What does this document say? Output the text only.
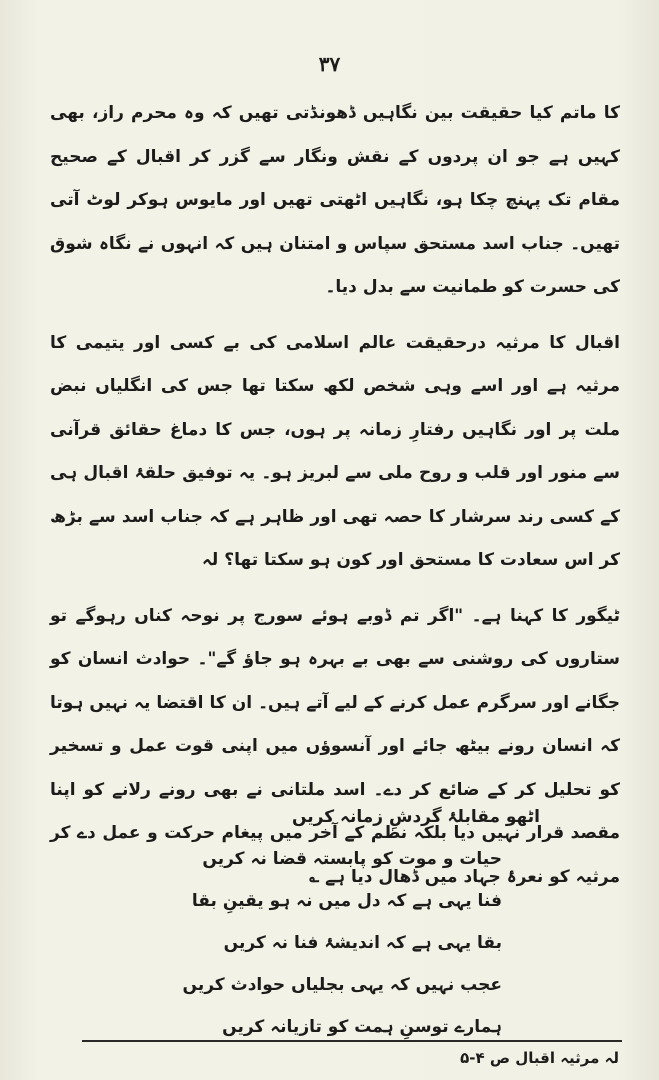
۳۷

کا ماتم کیا حقیقت بین نگاہیں ڈھونڈتی تھیں کہ وہ محرم راز، بھی کہیں ہے جو ان پردوں کے نقش ونگار سے گزر کر اقبال کے صحیح مقام تک پہنچ چکا ہو، نگاہیں اٹھتی تھیں اور مایوس ہوکر لوٹ آتی تھیں۔ جناب اسد مستحق سپاس و امتنان ہیں کہ انہوں نے نگاہ شوق کی حسرت کو طمانیت سے بدل دیا۔

اقبال کا مرثیہ درحقیقت عالم اسلامی کی بے کسی اور یتیمی کا مرثیہ ہے اور اسے وہی شخص لکھ سکتا تھا جس کی انگلیاں نبض ملت پر اور نگاہیں رفتارِ زمانہ پر ہوں، جس کا دماغ حقائق قرآنی سے منور اور قلب و روح ملی سے لبریز ہو۔ یہ توفیق حلقۂ اقبال ہی کے کسی رند سرشار کا حصہ تھی اور ظاہر ہے کہ جناب اسد سے بڑھ کر اس سعادت کا مستحق اور کون ہو سکتا تھا؟ لہ

ٹیگور کا کہنا ہے۔ "اگر تم ڈوبے ہوئے سورج پر نوحہ کناں رہوگے تو ستاروں کی روشنی سے بھی بے بہرہ ہو جاؤ گے"۔ حوادث انسان کو جگانے اور سرگرم عمل کرنے کے لیے آتے ہیں۔ ان کا اقتضا یہ نہیں ہوتا کہ انسان رونے بیٹھ جائے اور آنسوؤں میں اپنی قوت عمل و تسخیر کو تحلیل کر کے ضائع کر دے۔ اسد ملتانی نے بھی رونے رلانے کو اپنا مقصد قرار نہیں دیا بلکہ نظم کے آخر میں پیغام حرکت و عمل دے کر مرثیہ کو نعرۂ جہاد میں ڈھال دیا ہے ؎

اٹھو مقابلۂ گردشِ زمانہ کریں
حیات و موت کو پابستہ قضا نہ کریں
فنا یہی ہے کہ دل میں نہ ہو یقینِ بقا
بقا یہی ہے کہ اندیشۂ فنا نہ کریں
عجب نہیں کہ یہی بجلیاں حوادث کریں
ہمارے توسنِ ہمت کو تازیانہ کریں
لہ مرثیہ اقبال ص ۴-۵
